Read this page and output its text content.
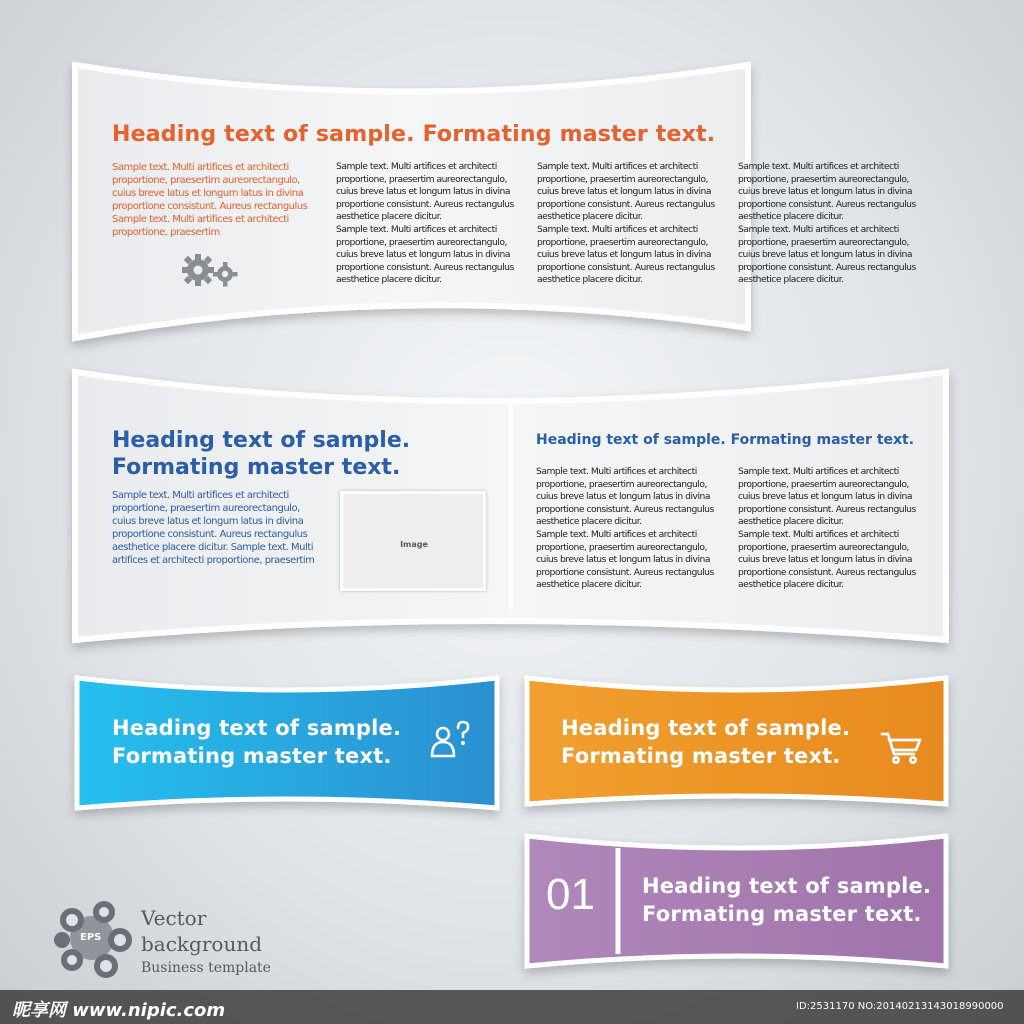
Heading text of sample. Formating master text.
Sample text. Multi artifices et architecti proportione, praesertim aureorectangulo, cuius breve latus et longum latus in divina proportione consistunt. Aureus rectangulus Sample text. Multi artifices et architecti proportione, praesertim
Sample text. Multi artifices et architecti
proportione, praesertim aureorectangulo,
cuius breve latus et longum latus in divina
proportione consistunt. Aureus rectangulus
aesthetice placere dicitur.
Sample text. Multi artifices et architecti
proportione, praesertim aureorectangulo,
cuius breve latus et longum latus in divina
proportione consistunt. Aureus rectangulus
aesthetice placere dicitur.
Sample text. Multi artifices et architecti
proportione, praesertim aureorectangulo,
cuius breve latus et longum latus in divina
proportione consistunt. Aureus rectangulus
aesthetice placere dicitur.
Sample text. Multi artifices et architecti
proportione, praesertim aureorectangulo,
cuius breve latus et longum latus in divina
proportione consistunt. Aureus rectangulus
aesthetice placere dicitur.
Sample text. Multi artifices et architecti
proportione, praesertim aureorectangulo,
cuius breve latus et longum latus in divina
proportione consistunt. Aureus rectangulus
aesthetice placere dicitur.
Sample text. Multi artifices et architecti
proportione, praesertim aureorectangulo,
cuius breve latus et longum latus in divina
proportione consistunt. Aureus rectangulus
aesthetice placere dicitur.
Heading text of sample.
Formating master text.
Sample text. Multi artifices et architecti proportione, praesertim aureorectangulo, cuius breve latus et longum latus in divina proportione consistunt. Aureus rectangulus aesthetice placere dicitur. Sample text. Multi artifices et architecti proportione, praesertim
Image
Heading text of sample. Formating master text.
Sample text. Multi artifices et architecti
proportione, praesertim aureorectangulo,
cuius breve latus et longum latus in divina
proportione consistunt. Aureus rectangulus
aesthetice placere dicitur.
Sample text. Multi artifices et architecti
proportione, praesertim aureorectangulo,
cuius breve latus et longum latus in divina
proportione consistunt. Aureus rectangulus
aesthetice placere dicitur.
Sample text. Multi artifices et architecti
proportione, praesertim aureorectangulo,
cuius breve latus et longum latus in divina
proportione consistunt. Aureus rectangulus
aesthetice placere dicitur.
Sample text. Multi artifices et architecti
proportione, praesertim aureorectangulo,
cuius breve latus et longum latus in divina
proportione consistunt. Aureus rectangulus
aesthetice placere dicitur.
Heading text of sample.
Formating master text.
Heading text of sample.
Formating master text.
01 Heading text of sample.
Formating master text.
EPS
Vector
background
Business template
昵享网 www.nipic.com	ID:2531170 NO:20140213143018990000
